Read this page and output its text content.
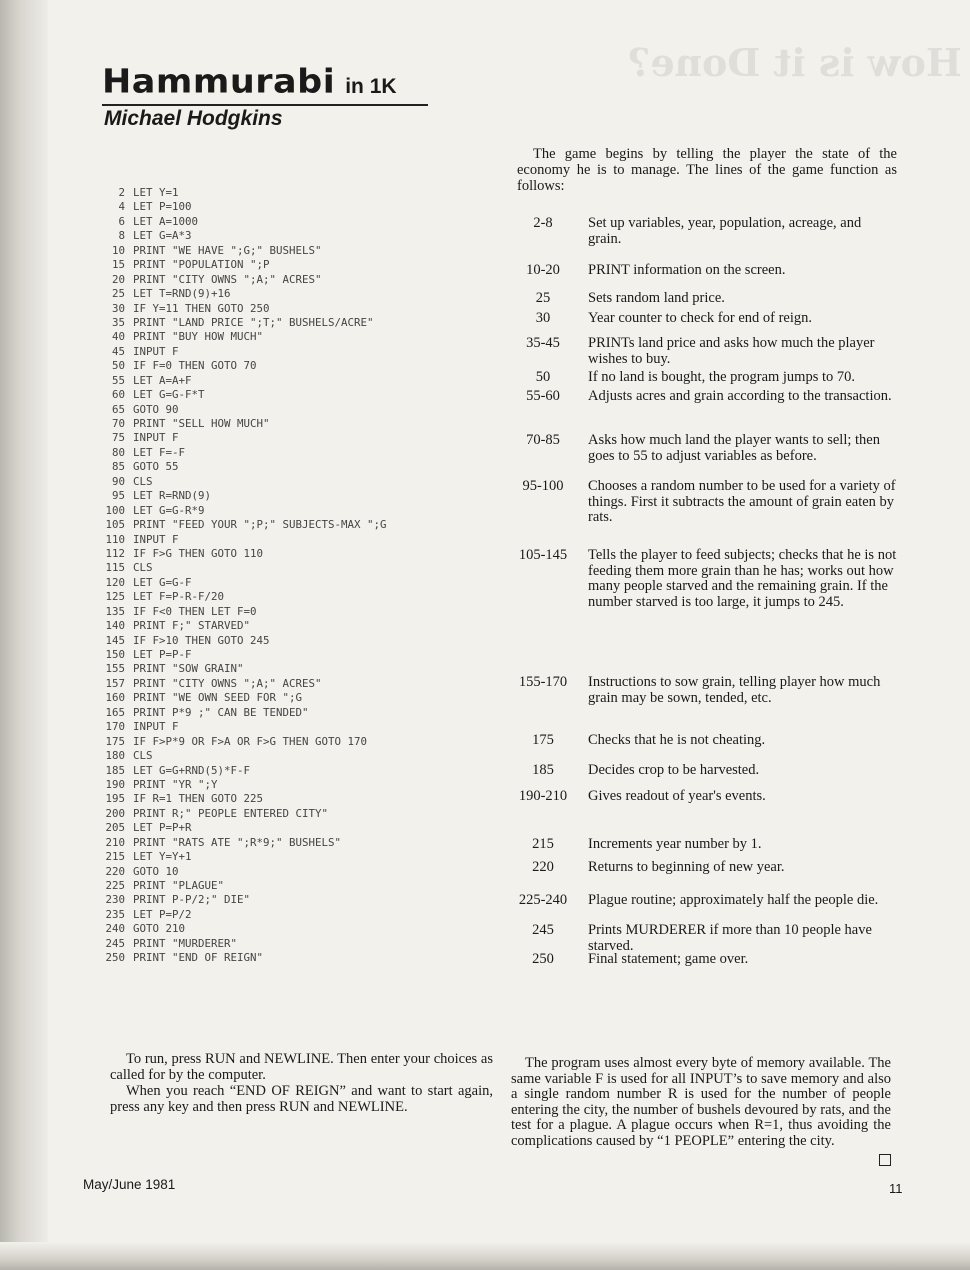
How is it Done?
Hammurabi in 1K
Michael Hodgkins
2 LET Y=1
4 LET P=100
6 LET A=1000
8 LET G=A*3
10 PRINT "WE HAVE ";G;" BUSHELS"
15 PRINT "POPULATION ";P
20 PRINT "CITY OWNS ";A;" ACRES"
25 LET T=RND(9)+16
30 IF Y=11 THEN GOTO 250
35 PRINT "LAND PRICE ";T;" BUSHELS/ACRE"
40 PRINT "BUY HOW MUCH"
45 INPUT F
50 IF F=0 THEN GOTO 70
55 LET A=A+F
60 LET G=G-F*T
65 GOTO 90
70 PRINT "SELL HOW MUCH"
75 INPUT F
80 LET F=-F
85 GOTO 55
90 CLS
95 LET R=RND(9)
100 LET G=G-R*9
105 PRINT "FEED YOUR ";P;" SUBJECTS-MAX ";G
110 INPUT F
112 IF F>G THEN GOTO 110
115 CLS
120 LET G=G-F
125 LET F=P-R-F/20
135 IF F<0 THEN LET F=0
140 PRINT F;" STARVED"
145 IF F>10 THEN GOTO 245
150 LET P=P-F
155 PRINT "SOW GRAIN"
157 PRINT "CITY OWNS ";A;" ACRES"
160 PRINT "WE OWN SEED FOR ";G
165 PRINT P*9 ;" CAN BE TENDED"
170 INPUT F
175 IF F>P*9 OR F>A OR F>G THEN GOTO 170
180 CLS
185 LET G=G+RND(5)*F-F
190 PRINT "YR ";Y
195 IF R=1 THEN GOTO 225
200 PRINT R;" PEOPLE ENTERED CITY"
205 LET P=P+R
210 PRINT "RATS ATE ";R*9;" BUSHELS"
215 LET Y=Y+1
220 GOTO 10
225 PRINT "PLAGUE"
230 PRINT P-P/2;" DIE"
235 LET P=P/2
240 GOTO 210
245 PRINT "MURDERER"
250 PRINT "END OF REIGN"
The game begins by telling the player the state of the economy he is to manage. The lines of the game function as follows:
2-8	Set up variables, year, population, acreage, and grain.
10-20	PRINT information on the screen.
25	Sets random land price.
30	Year counter to check for end of reign.
35-45	PRINTs land price and asks how much the player wishes to buy.
50	If no land is bought, the program jumps to 70.
55-60	Adjusts acres and grain according to the transaction.
70-85	Asks how much land the player wants to sell; then goes to 55 to adjust variables as before.
95-100	Chooses a random number to be used for a variety of things. First it subtracts the amount of grain eaten by rats.
105-145	Tells the player to feed subjects; checks that he is not feeding them more grain than he has; works out how many people starved and the remaining grain. If the number starved is too large, it jumps to 245.
155-170	Instructions to sow grain, telling player how much grain may be sown, tended, etc.
175	Checks that he is not cheating.
185	Decides crop to be harvested.
190-210	Gives readout of year's events.
215	Increments year number by 1.
220	Returns to beginning of new year.
225-240	Plague routine; approximately half the people die.
245	Prints MURDERER if more than 10 people have starved.
250	Final statement; game over.

To run, press RUN and NEWLINE. Then enter your choices as called for by the computer.

When you reach “END OF REIGN” and want to start again, press any key and then press RUN and NEWLINE.

The program uses almost every byte of memory available. The same variable F is used for all INPUT’s to save memory and also a single random number R is used for the number of people entering the city, the number of bushels devoured by rats, and the test for a plague. A plague occurs when R=1, thus avoiding the complications caused by “1 PEOPLE” entering the city.

May/June 1981	11
